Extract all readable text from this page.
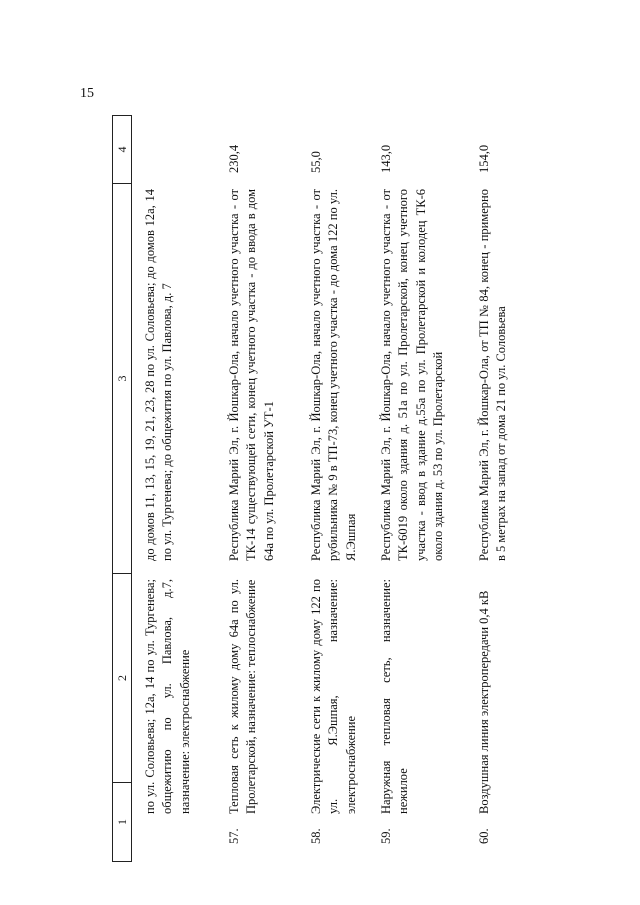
15
1
2
3
4
по ул. Соловьева; 12а, 14 по ул. Тургенева; общежитию по ул. Павлова, д.7, назначение: электроснабжение
до домов 11, 13, 15, 19, 21, 23, 28 по ул. Соловьева; до домов 12а, 14 по ул. Тургенева; до общежития по ул. Павлова, д. 7
57.
Тепловая сеть к жилому дому 64а по ул. Пролетарской, назначение: теплоснабжение
Республика Марий Эл, г. Йошкар-Ола, начало учетного участка - от ТК-14 существующей сети, конец учетного участка - до ввода в дом 64а по ул. Пролетарской УТ-1
230,4
58.
Электрические сети к жилому дому 122 по ул. Я.Эшпая, назначение: электроснабжение
Республика Марий Эл, г. Йошкар-Ола, начало учетного участка - от рубильника № 9 в ТП-73, конец учетного участка - до дома 122 по ул. Я.Эшпая
55,0
59.
Наружная тепловая сеть, назначение: нежилое
Республика Марий Эл, г. Йошкар-Ола, начало учетного участка - от ТК-6019 около здания д. 51а по ул. Пролетарской, конец учетного участка - ввод в здание д.55а по ул. Пролетарской и колодец ТК-6 около здания д. 53 по ул. Пролетарской
143,0
60.
Воздушная линия электропередачи 0,4 кВ
Республика Марий Эл, г. Йошкар-Ола, от ТП № 84, конец - примерно в 5 метрах на запад от дома 21 по ул. Соловьева
154,0
